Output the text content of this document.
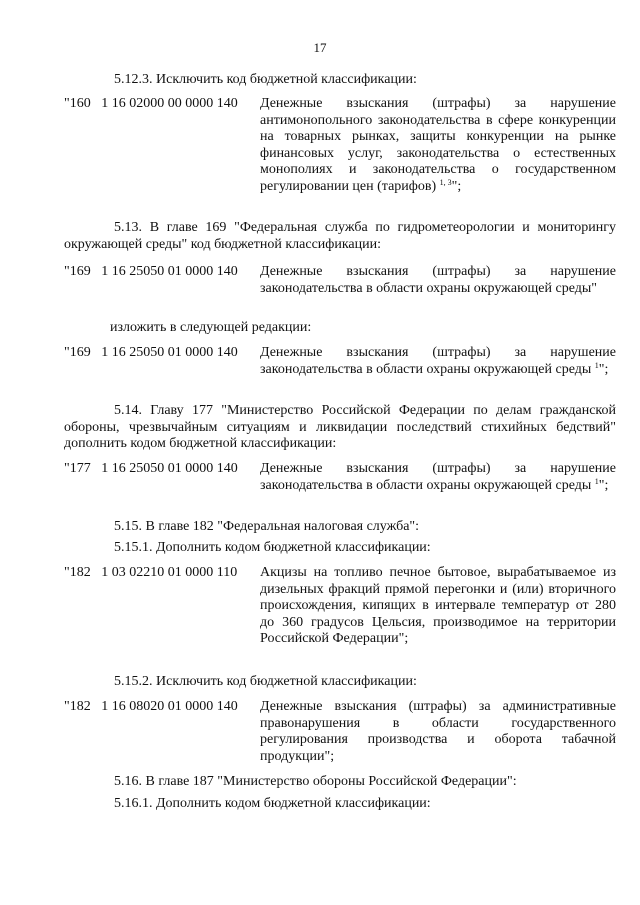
17
5.12.3. Исключить код бюджетной классификации:
"160   1 16 02000 00 0000 140 Денежные взыскания (штрафы) за нарушение антимонопольного законодательства в сфере конкуренции на товарных рынках, защиты конкуренции на рынке финансовых услуг, законодательства о естественных монополиях и законодательства о государственном регулировании цен (тарифов) $^{1, 3}$";
5.13. В главе 169 "Федеральная служба по гидрометеорологии и мониторингу окружающей среды" код бюджетной классификации:
"169   1 16 25050 01 0000 140 Денежные взыскания (штрафы) за нарушение законодательства в области охраны окружающей среды"
изложить в следующей редакции:
"169   1 16 25050 01 0000 140 Денежные взыскания (штрафы) за нарушение законодательства в области охраны окружающей среды $^1$";
5.14. Главу 177 "Министерство Российской Федерации по делам гражданской обороны, чрезвычайным ситуациям и ликвидации последствий стихийных бедствий" дополнить кодом бюджетной классификации:
"177   1 16 25050 01 0000 140 Денежные взыскания (штрафы) за нарушение законодательства в области охраны окружающей среды $^1$";
5.15. В главе 182 "Федеральная налоговая служба":
5.15.1. Дополнить кодом бюджетной классификации:
"182   1 03 02210 01 0000 110 Акцизы на топливо печное бытовое, вырабатываемое из дизельных фракций прямой перегонки и (или) вторичного происхождения, кипящих в интервале температур от 280 до 360 градусов Цельсия, производимое на территории Российской Федерации";
5.15.2. Исключить код бюджетной классификации:
"182   1 16 08020 01 0000 140 Денежные взыскания (штрафы) за административные правонарушения в области государственного регулирования производства и оборота табачной продукции";
5.16. В главе 187 "Министерство обороны Российской Федерации":
5.16.1. Дополнить кодом бюджетной классификации:
